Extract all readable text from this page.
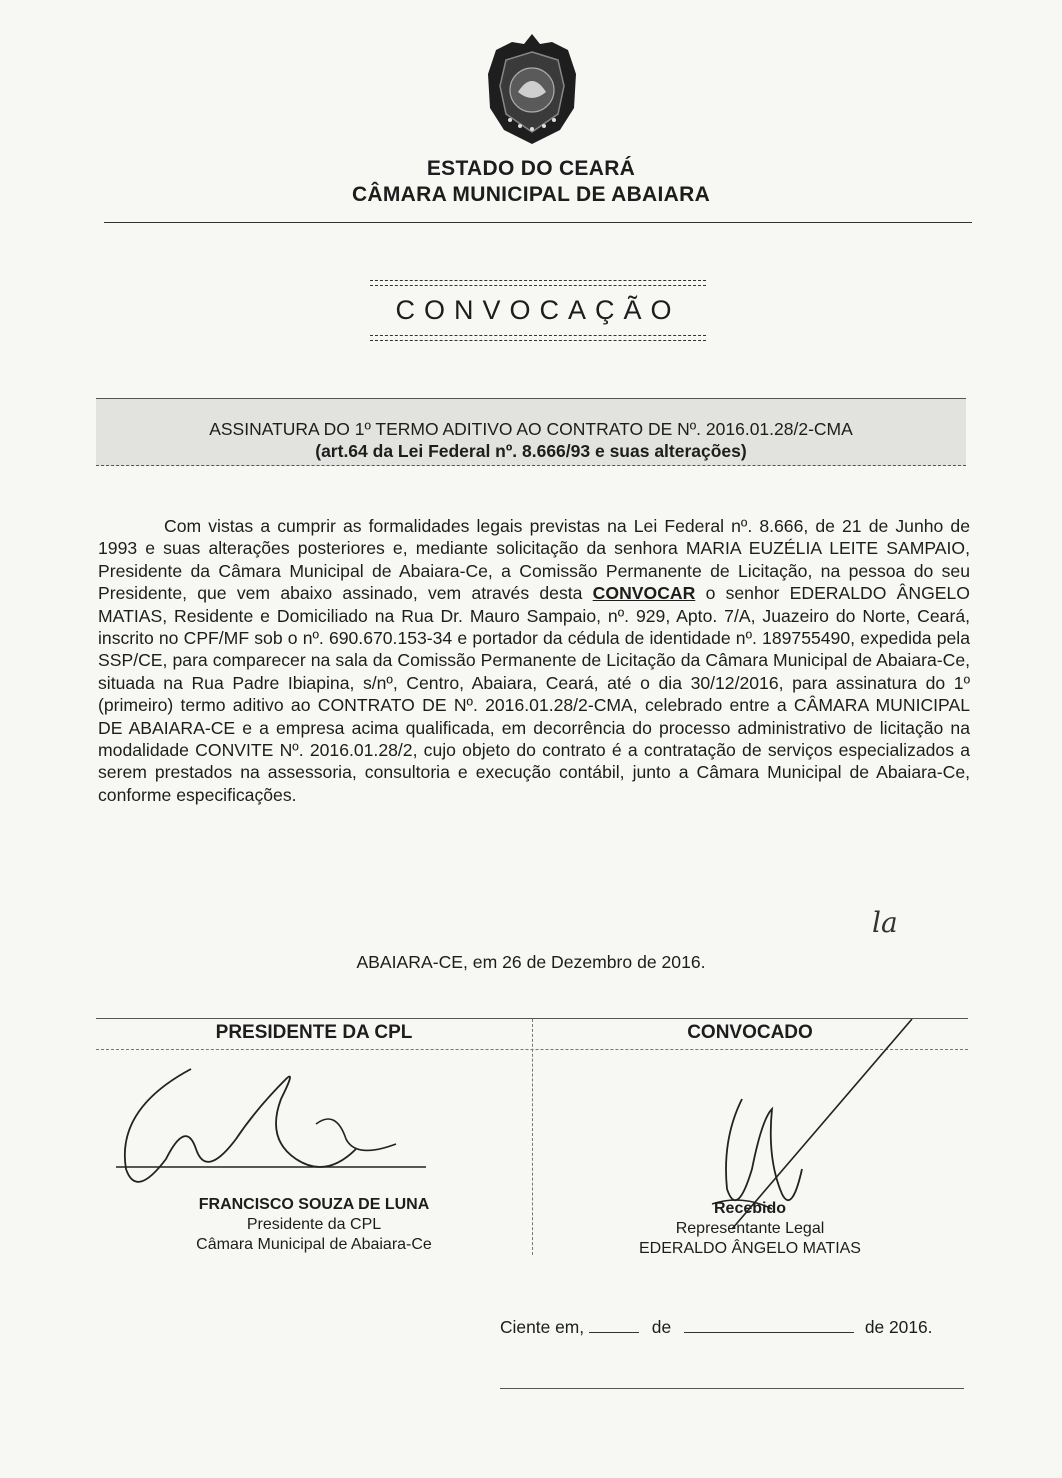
ESTADO DO CEARÁ
CÂMARA MUNICIPAL DE ABAIARA
CONVOCAÇÃO
ASSINATURA DO 1º TERMO ADITIVO AO CONTRATO DE Nº. 2016.01.28/2-CMA
(art.64 da Lei Federal nº. 8.666/93 e suas alterações)
Com vistas a cumprir as formalidades legais previstas na Lei Federal nº. 8.666, de 21 de Junho de 1993 e suas alterações posteriores e, mediante solicitação da senhora MARIA EUZÉLIA LEITE SAMPAIO, Presidente da Câmara Municipal de Abaiara-Ce, a Comissão Permanente de Licitação, na pessoa do seu Presidente, que vem abaixo assinado, vem através desta CONVOCAR o senhor EDERALDO ÂNGELO MATIAS, Residente e Domiciliado na Rua Dr. Mauro Sampaio, nº. 929, Apto. 7/A, Juazeiro do Norte, Ceará, inscrito no CPF/MF sob o nº. 690.670.153-34 e portador da cédula de identidade nº. 189755490, expedida pela SSP/CE, para comparecer na sala da Comissão Permanente de Licitação da Câmara Municipal de Abaiara-Ce, situada na Rua Padre Ibiapina, s/nº, Centro, Abaiara, Ceará, até o dia 30/12/2016, para assinatura do 1º (primeiro) termo aditivo ao CONTRATO DE Nº. 2016.01.28/2-CMA, celebrado entre a CÂMARA MUNICIPAL DE ABAIARA-CE e a empresa acima qualificada, em decorrência do processo administrativo de licitação na modalidade CONVITE Nº. 2016.01.28/2, cujo objeto do contrato é a contratação de serviços especializados a serem prestados na assessoria, consultoria e execução contábil, junto a Câmara Municipal de Abaiara-Ce, conforme especificações.
la
ABAIARA-CE, em 26 de Dezembro de 2016.
PRESIDENTE DA CPL	CONVOCADO
FRANCISCO SOUZA DE LUNA
Presidente da CPL
Câmara Municipal de Abaiara-Ce
Recebido
Representante Legal
EDERALDO ÂNGELO MATIAS
Ciente em,	de	de 2016.
